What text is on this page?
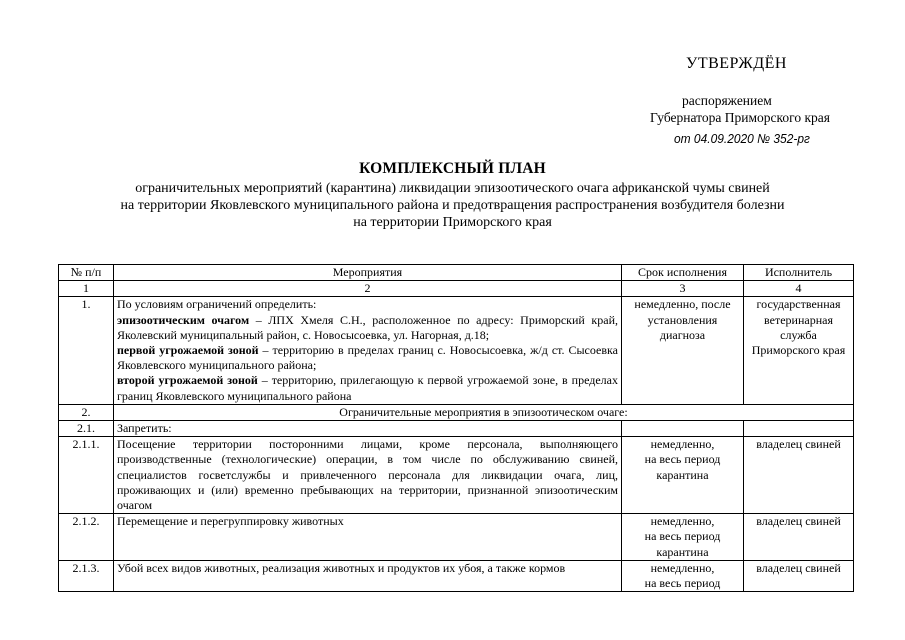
УТВЕРЖДЁН
распоряжением
Губернатора Приморского края
от 04.09.2020 № 352-рг
КОМПЛЕКСНЫЙ ПЛАН
ограничительных мероприятий (карантина) ликвидации эпизоотического очага африканской чумы свиней
на территории Яковлевского муниципального района и предотвращения распространения возбудителя болезни
на территории Приморского края
№ п/п	Мероприятия	Срок исполнения	Исполнитель
1	2	3	4
1.	По условиям ограничений определить:
эпизоотическим очагом – ЛПХ Хмеля С.Н., расположенное по адресу: Приморский край, Яколевский муниципальный район, с. Новосысоевка, ул. Нагорная, д.18;
первой угрожаемой зоной – территорию в пределах границ с. Новосысоевка, ж/д ст. Сысоевка Яковлевского муниципального района;
второй угрожаемой зоной – территорию, прилегающую к первой угрожаемой зоне, в пределах границ Яковлевского муниципального района	немедленно, после установления диагноза	государственная ветеринарная служба Приморского края
2.	Ограничительные мероприятия в эпизоотическом очаге:		
2.1.	Запретить:		
2.1.1.	Посещение территории посторонними лицами, кроме персонала, выполняющего производственные (технологические) операции, в том числе по обслуживанию свиней, специалистов госветслужбы и привлеченного персонала для ликвидации очага, лиц, проживающих и (или) временно пребывающих на территории, признанной эпизоотическим очагом	немедленно,
на весь период карантина	владелец свиней
2.1.2.	Перемещение и перегруппировку животных	немедленно,
на весь период карантина	владелец свиней
2.1.3.	Убой всех видов животных, реализация животных и продуктов их убоя, а также кормов	немедленно,
на весь период	владелец свиней
